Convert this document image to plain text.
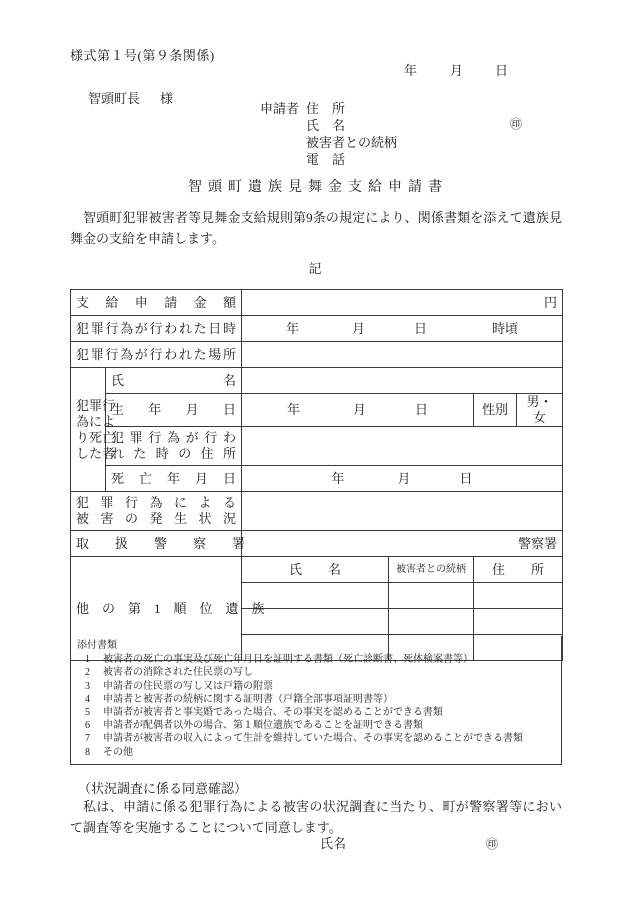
様式第１号(第９条関係)
年	月 日
智頭町長 様
申請者 住　所
氏　名	㊞
被害者との続柄
電　話
智頭町遺族見舞金支給申請書
智頭町犯罪被害者等見舞金支給規則第9条の規定により、関係書類を添えて遺族見舞金の支給を申請します。
記
支　給　申　請　金　額		円			

犯罪行為が行われた日時		年 月 日 時頃			

犯罪行為が行われた場所					

犯罪行
為によ
り死亡
した者	氏　　　　　名				

	生　年　月　日	年 月 日		性別	男・女

	犯罪行為が行わ
れ た 時 の 住 所				

	死　亡　年　月　日	年 月 日			

犯 罪 行 為 に よ る
被 害 の 発 生 状 況					

取　　扱　　警　　察　　署		警察署			

他　の　第　1　順　位　遺　族		氏　　名	被害者との続柄	住　　所	

添付書類
1	被害者の死亡の事実及び死亡年月日を証明する書類（死亡診断書、死体検案書等）
2	被害者の消除された住民票の写し
3	申請者の住民票の写し又は戸籍の附票
4	申請者と被害者の続柄に関する証明書（戸籍全部事項証明書等）
5	申請者が被害者と事実婚であった場合、その事実を認めることができる書類
6	申請者が配偶者以外の場合、第１順位遺族であることを証明できる書類
7	申請者が被害者の収入によって生計を維持していた場合、その事実を認めることができる書類
8	その他
（状況調査に係る同意確認）
私は、申請に係る犯罪行為による被害の状況調査に当たり、町が警察署等において調査等を実施することについて同意します。
氏名	㊞
